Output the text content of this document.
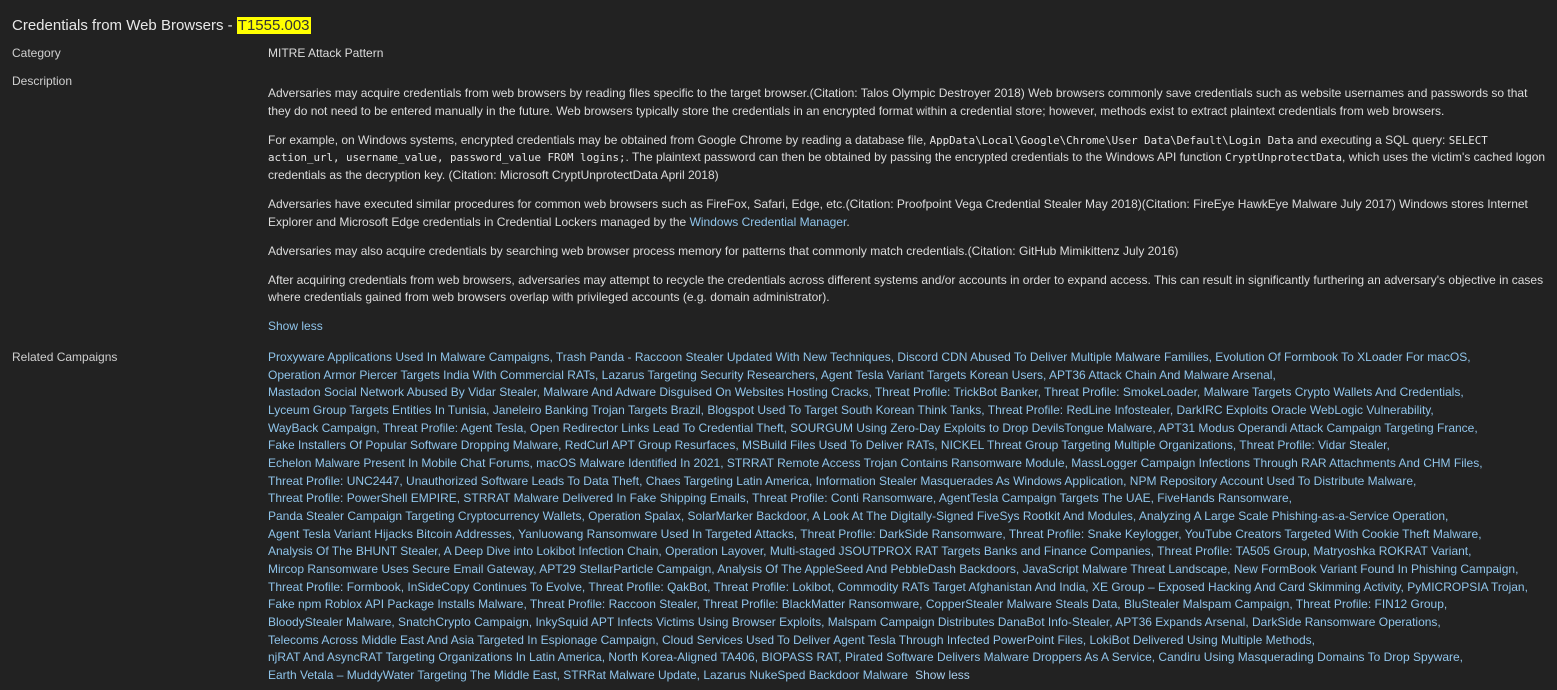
Credentials from Web Browsers - T1555.003
Category	MITRE Attack Pattern
Description

Adversaries may acquire credentials from web browsers by reading files specific to the target browser.(Citation: Talos Olympic Destroyer 2018) Web browsers commonly save credentials such as website usernames and passwords so that they do not need to be entered manually in the future. Web browsers typically store the credentials in an encrypted format within a credential store; however, methods exist to extract plaintext credentials from web browsers.

For example, on Windows systems, encrypted credentials may be obtained from Google Chrome by reading a database file, AppData\Local\Google\Chrome\User Data\Default\Login Data and executing a SQL query: SELECT action_url, username_value, password_value FROM logins;. The plaintext password can then be obtained by passing the encrypted credentials to the Windows API function CryptUnprotectData, which uses the victim's cached logon credentials as the decryption key. (Citation: Microsoft CryptUnprotectData April 2018)

Adversaries have executed similar procedures for common web browsers such as FireFox, Safari, Edge, etc.(Citation: Proofpoint Vega Credential Stealer May 2018)(Citation: FireEye HawkEye Malware July 2017) Windows stores Internet Explorer and Microsoft Edge credentials in Credential Lockers managed by the Windows Credential Manager.

Adversaries may also acquire credentials by searching web browser process memory for patterns that commonly match credentials.(Citation: GitHub Mimikittenz July 2016)

After acquiring credentials from web browsers, adversaries may attempt to recycle the credentials across different systems and/or accounts in order to expand access. This can result in significantly furthering an adversary's objective in cases where credentials gained from web browsers overlap with privileged accounts (e.g. domain administrator).

Show less
Related Campaigns	Proxyware Applications Used In Malware Campaigns, Trash Panda - Raccoon Stealer Updated With New Techniques, Discord CDN Abused To Deliver Multiple Malware Families, Evolution Of Formbook To XLoader For macOS,
Operation Armor Piercer Targets India With Commercial RATs, Lazarus Targeting Security Researchers, Agent Tesla Variant Targets Korean Users, APT36 Attack Chain And Malware Arsenal,
Mastadon Social Network Abused By Vidar Stealer, Malware And Adware Disguised On Websites Hosting Cracks, Threat Profile: TrickBot Banker, Threat Profile: SmokeLoader, Malware Targets Crypto Wallets And Credentials,
Lyceum Group Targets Entities In Tunisia, Janeleiro Banking Trojan Targets Brazil, Blogspot Used To Target South Korean Think Tanks, Threat Profile: RedLine Infostealer, DarkIRC Exploits Oracle WebLogic Vulnerability,
WayBack Campaign, Threat Profile: Agent Tesla, Open Redirector Links Lead To Credential Theft, SOURGUM Using Zero-Day Exploits to Drop DevilsTongue Malware, APT31 Modus Operandi Attack Campaign Targeting France,
Fake Installers Of Popular Software Dropping Malware, RedCurl APT Group Resurfaces, MSBuild Files Used To Deliver RATs, NICKEL Threat Group Targeting Multiple Organizations, Threat Profile: Vidar Stealer,
Echelon Malware Present In Mobile Chat Forums, macOS Malware Identified In 2021, STRRAT Remote Access Trojan Contains Ransomware Module, MassLogger Campaign Infections Through RAR Attachments And CHM Files,
Threat Profile: UNC2447, Unauthorized Software Leads To Data Theft, Chaes Targeting Latin America, Information Stealer Masquerades As Windows Application, NPM Repository Account Used To Distribute Malware,
Threat Profile: PowerShell EMPIRE, STRRAT Malware Delivered In Fake Shipping Emails, Threat Profile: Conti Ransomware, AgentTesla Campaign Targets The UAE, FiveHands Ransomware,
Panda Stealer Campaign Targeting Cryptocurrency Wallets, Operation Spalax, SolarMarker Backdoor, A Look At The Digitally-Signed FiveSys Rootkit And Modules, Analyzing A Large Scale Phishing-as-a-Service Operation,
Agent Tesla Variant Hijacks Bitcoin Addresses, Yanluowang Ransomware Used In Targeted Attacks, Threat Profile: DarkSide Ransomware, Threat Profile: Snake Keylogger, YouTube Creators Targeted With Cookie Theft Malware,
Analysis Of The BHUNT Stealer, A Deep Dive into Lokibot Infection Chain, Operation Layover, Multi-staged JSOUTPROX RAT Targets Banks and Finance Companies, Threat Profile: TA505 Group, Matryoshka ROKRAT Variant,
Mircop Ransomware Uses Secure Email Gateway, APT29 StellarParticle Campaign, Analysis Of The AppleSeed And PebbleDash Backdoors, JavaScript Malware Threat Landscape, New FormBook Variant Found In Phishing Campaign,
Threat Profile: Formbook, InSideCopy Continues To Evolve, Threat Profile: QakBot, Threat Profile: Lokibot, Commodity RATs Target Afghanistan And India, XE Group – Exposed Hacking And Card Skimming Activity, PyMICROPSIA Trojan,
Fake npm Roblox API Package Installs Malware, Threat Profile: Raccoon Stealer, Threat Profile: BlackMatter Ransomware, CopperStealer Malware Steals Data, BluStealer Malspam Campaign, Threat Profile: FIN12 Group,
BloodyStealer Malware, SnatchCrypto Campaign, InkySquid APT Infects Victims Using Browser Exploits, Malspam Campaign Distributes DanaBot Info-Stealer, APT36 Expands Arsenal, DarkSide Ransomware Operations,
Telecoms Across Middle East And Asia Targeted In Espionage Campaign, Cloud Services Used To Deliver Agent Tesla Through Infected PowerPoint Files, LokiBot Delivered Using Multiple Methods,
njRAT And AsyncRAT Targeting Organizations In Latin America, North Korea-Aligned TA406, BIOPASS RAT, Pirated Software Delivers Malware Droppers As A Service, Candiru Using Masquerading Domains To Drop Spyware,
Earth Vetala – MuddyWater Targeting The Middle East, STRRat Malware Update, Lazarus NukeSped Backdoor Malware Show less
